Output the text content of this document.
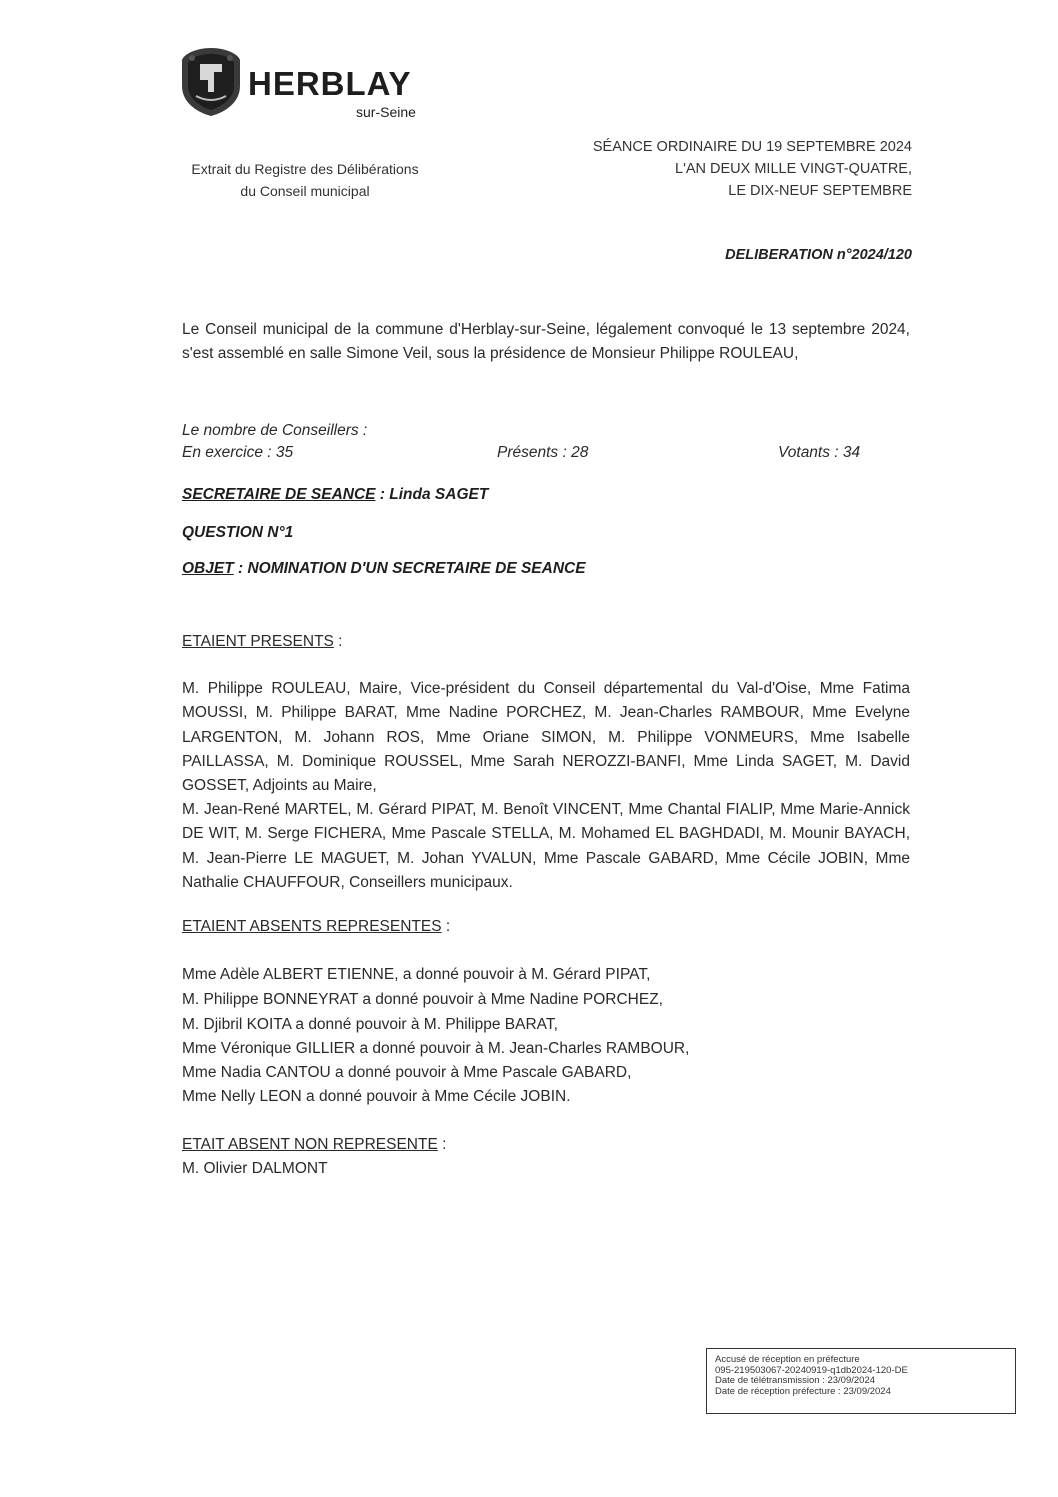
HERBLAY
sur-Seine
Extrait du Registre des Délibérations
du Conseil municipal
SÉANCE ORDINAIRE DU 19 SEPTEMBRE 2024
L'AN DEUX MILLE VINGT-QUATRE,
LE DIX-NEUF SEPTEMBRE
DELIBERATION n°2024/120
Le Conseil municipal de la commune d'Herblay-sur-Seine, légalement convoqué le 13 septembre 2024, s'est assemblé en salle Simone Veil, sous la présidence de Monsieur Philippe ROULEAU,
Le nombre de Conseillers :
En exercice : 35	Présents : 28	Votants : 34
SECRETAIRE DE SEANCE : Linda SAGET
QUESTION N°1
OBJET : NOMINATION D'UN SECRETAIRE DE SEANCE
ETAIENT PRESENTS :
M. Philippe ROULEAU, Maire, Vice-président du Conseil départemental du Val-d'Oise, Mme Fatima MOUSSI, M. Philippe BARAT, Mme Nadine PORCHEZ, M. Jean-Charles RAMBOUR, Mme Evelyne LARGENTON, M. Johann ROS, Mme Oriane SIMON, M. Philippe VONMEURS, Mme Isabelle PAILLASSA, M. Dominique ROUSSEL, Mme Sarah NEROZZI-BANFI, Mme Linda SAGET, M. David GOSSET, Adjoints au Maire,
M. Jean-René MARTEL, M. Gérard PIPAT, M. Benoît VINCENT, Mme Chantal FIALIP, Mme Marie-Annick DE WIT, M. Serge FICHERA, Mme Pascale STELLA, M. Mohamed EL BAGHDADI, M. Mounir BAYACH, M. Jean-Pierre LE MAGUET, M. Johan YVALUN, Mme Pascale GABARD, Mme Cécile JOBIN, Mme Nathalie CHAUFFOUR, Conseillers municipaux.
ETAIENT ABSENTS REPRESENTES :
Mme Adèle ALBERT ETIENNE, a donné pouvoir à M. Gérard PIPAT,
M. Philippe BONNEYRAT a donné pouvoir à Mme Nadine PORCHEZ,
M. Djibril KOITA a donné pouvoir à M. Philippe BARAT,
Mme Véronique GILLIER a donné pouvoir à M. Jean-Charles RAMBOUR,
Mme Nadia CANTOU a donné pouvoir à Mme Pascale GABARD,
Mme Nelly LEON a donné pouvoir à Mme Cécile JOBIN.
ETAIT ABSENT NON REPRESENTE :
M. Olivier DALMONT
Accusé de réception en préfecture
095-219503067-20240919-q1db2024-120-DE
Date de télétransmission : 23/09/2024
Date de réception préfecture : 23/09/2024
